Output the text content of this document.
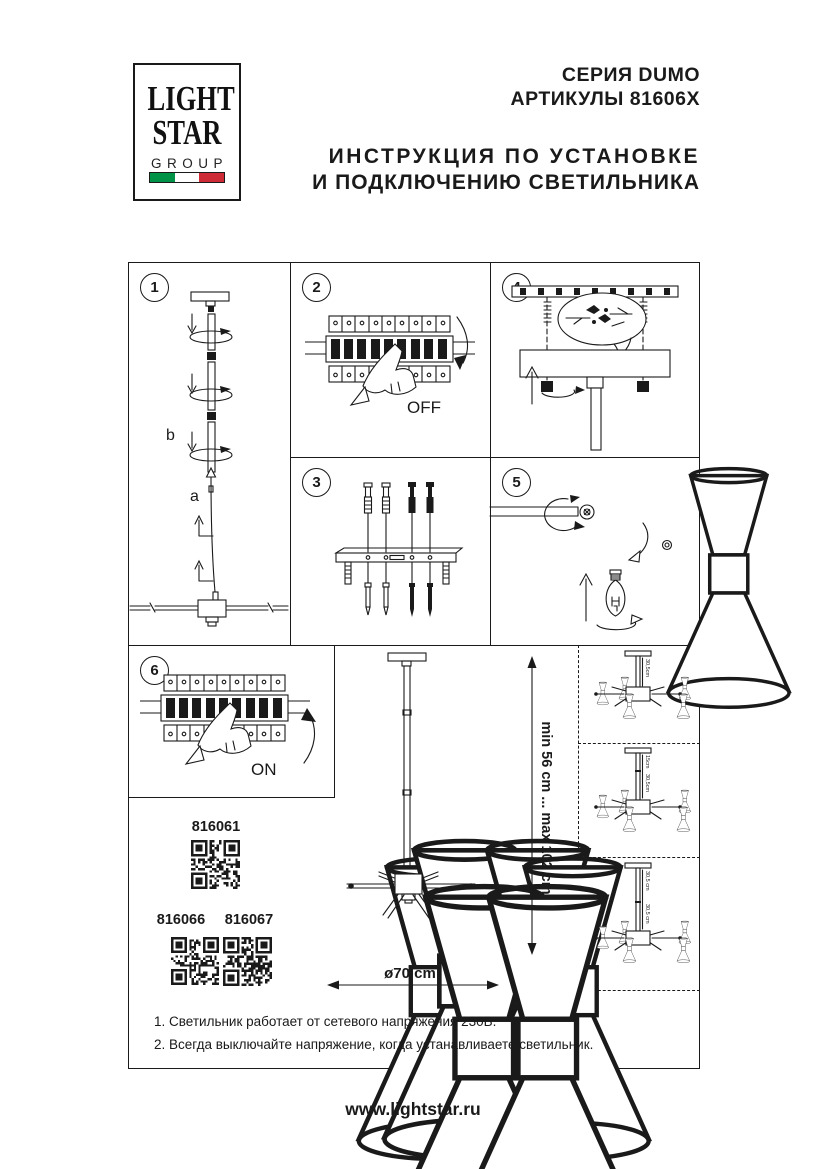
LIGHT
STAR
GROUP
СЕРИЯ DUMO
АРТИКУЛЫ 81606X
ИНСТРУКЦИЯ ПО УСТАНОВКЕ
И ПОДКЛЮЧЕНИЮ СВЕТИЛЬНИКА
1	2
3	5
6
b
a
OFF
ON
816061
816066	816067
min 56 cm ... max 102 cm
ø70 cm
30,5cm
15cm
30,5cm
30,5 cm
30,5 cm
1. Светильник работает от сетевого напряжения 230В.
2. Всегда выключайте напряжение, когда устанавливаете светильник.
www.lightstar.ru
